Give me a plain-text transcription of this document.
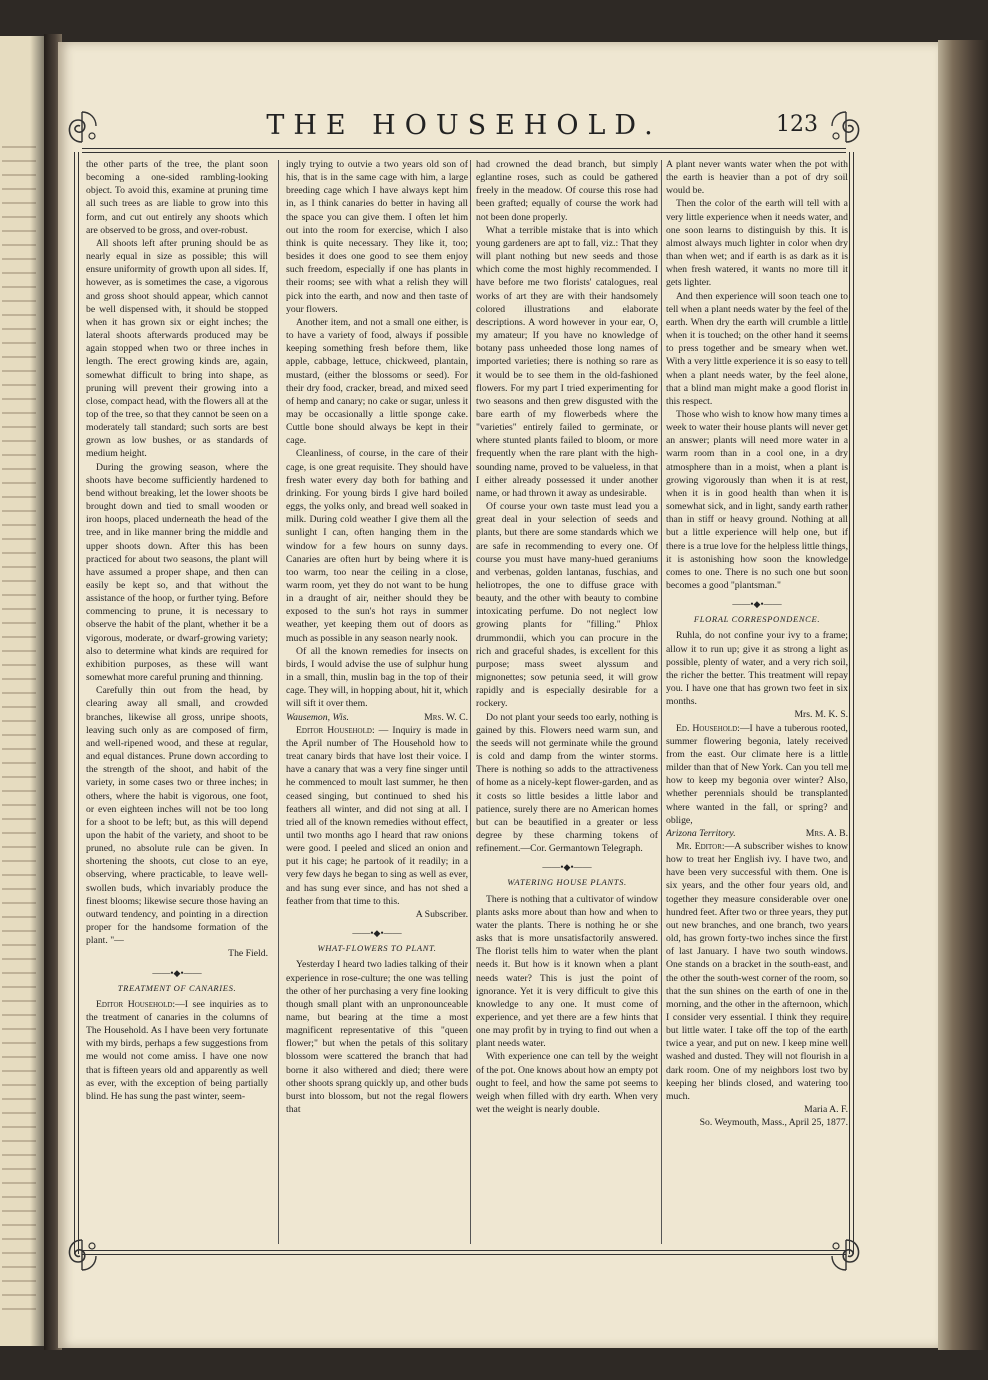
THE HOUSEHOLD.	123

the other parts of the tree, the plant soon becoming a one-sided rambling-looking object. To avoid this, examine at pruning time all such trees as are liable to grow into this form, and cut out entirely any shoots which are observed to be gross, and over-robust.

All shoots left after pruning should be as nearly equal in size as possible; this will ensure uniformity of growth upon all sides. If, however, as is sometimes the case, a vigorous and gross shoot should appear, which cannot be well dispensed with, it should be stopped when it has grown six or eight inches; the lateral shoots afterwards produced may be again stopped when two or three inches in length. The erect growing kinds are, again, somewhat difficult to bring into shape, as pruning will prevent their growing into a close, compact head, with the flowers all at the top of the tree, so that they cannot be seen on a moderately tall standard; such sorts are best grown as low bushes, or as standards of medium height.

During the growing season, where the shoots have become sufficiently hardened to bend without breaking, let the lower shoots be brought down and tied to small wooden or iron hoops, placed underneath the head of the tree, and in like manner bring the middle and upper shoots down. After this has been practiced for about two seasons, the plant will have assumed a proper shape, and then can easily be kept so, and that without the assistance of the hoop, or further tying. Before commencing to prune, it is necessary to observe the habit of the plant, whether it be a vigorous, moderate, or dwarf-growing variety; also to determine what kinds are required for exhibition purposes, as these will want somewhat more careful pruning and thinning.

Carefully thin out from the head, by clearing away all small, and crowded branches, likewise all gross, unripe shoots, leaving such only as are composed of firm, and well-ripened wood, and these at regular, and equal distances. Prune down according to the strength of the shoot, and habit of the variety, in some cases two or three inches; in others, where the habit is vigorous, one foot, or even eighteen inches will not be too long for a shoot to be left; but, as this will depend upon the habit of the variety, and shoot to be pruned, no absolute rule can be given. In shortening the shoots, cut close to an eye, observing, where practicable, to leave well-swollen buds, which invariably produce the finest blooms; likewise secure those having an outward tendency, and pointing in a direction proper for the handsome formation of the plant. "—

The Field.

——•◆•——

TREATMENT OF CANARIES.

Editor Household:—I see inquiries as to the treatment of canaries in the columns of The Household. As I have been very fortunate with my birds, perhaps a few suggestions from me would not come amiss. I have one now that is fifteen years old and apparently as well as ever, with the exception of being partially blind. He has sung the past winter, seem-

ingly trying to outvie a two years old son of his, that is in the same cage with him, a large breeding cage which I have always kept him in, as I think canaries do better in having all the space you can give them. I often let him out into the room for exercise, which I also think is quite necessary. They like it, too; besides it does one good to see them enjoy such freedom, especially if one has plants in their rooms; see with what a relish they will pick into the earth, and now and then taste of your flowers.

Another item, and not a small one either, is to have a variety of food, always if possible keeping something fresh before them, like apple, cabbage, lettuce, chickweed, plantain, mustard, (either the blossoms or seed). For their dry food, cracker, bread, and mixed seed of hemp and canary; no cake or sugar, unless it may be occasionally a little sponge cake. Cuttle bone should always be kept in their cage.

Cleanliness, of course, in the care of their cage, is one great requisite. They should have fresh water every day both for bathing and drinking. For young birds I give hard boiled eggs, the yolks only, and bread well soaked in milk. During cold weather I give them all the sunlight I can, often hanging them in the window for a few hours on sunny days. Canaries are often hurt by being where it is too warm, too near the ceiling in a close, warm room, yet they do not want to be hung in a draught of air, neither should they be exposed to the sun's hot rays in summer weather, yet keeping them out of doors as much as possible in any season nearly nook.

Of all the known remedies for insects on birds, I would advise the use of sulphur hung in a small, thin, muslin bag in the top of their cage. They will, in hopping about, hit it, which will sift it over them.

Wausemon, Wis.	Mrs. W. C.

Editor Household: — Inquiry is made in the April number of The Household how to treat canary birds that have lost their voice. I have a canary that was a very fine singer until he commenced to moult last summer, he then ceased singing, but continued to shed his feathers all winter, and did not sing at all. I tried all of the known remedies without effect, until two months ago I heard that raw onions were good. I peeled and sliced an onion and put it his cage; he partook of it readily; in a very few days he began to sing as well as ever, and has sung ever since, and has not shed a feather from that time to this.

A Subscriber.

——•◆•——

WHAT-FLOWERS TO PLANT.

Yesterday I heard two ladies talking of their experience in rose-culture; the one was telling the other of her purchasing a very fine looking though small plant with an unpronounceable name, but bearing at the time a most magnificent representative of this "queen flower;" but when the petals of this solitary blossom were scattered the branch that had borne it also withered and died; there were other shoots sprang quickly up, and other buds burst into blossom, but not the regal flowers that

had crowned the dead branch, but simply eglantine roses, such as could be gathered freely in the meadow. Of course this rose had been grafted; equally of course the work had not been done properly.

What a terrible mistake that is into which young gardeners are apt to fall, viz.: That they will plant nothing but new seeds and those which come the most highly recommended. I have before me two florists' catalogues, real works of art they are with their handsomely colored illustrations and elaborate descriptions. A word however in your ear, O, my amateur; If you have no knowledge of botany pass unheeded those long names of imported varieties; there is nothing so rare as it would be to see them in the old-fashioned flowers. For my part I tried experimenting for two seasons and then grew disgusted with the bare earth of my flowerbeds where the "varieties" entirely failed to germinate, or where stunted plants failed to bloom, or more frequently when the rare plant with the high-sounding name, proved to be valueless, in that I either already possessed it under another name, or had thrown it away as undesirable.

Of course your own taste must lead you a great deal in your selection of seeds and plants, but there are some standards which we are safe in recommending to every one. Of course you must have many-hued geraniums and verbenas, golden lantanas, fuschias, and heliotropes, the one to diffuse grace with beauty, and the other with beauty to combine intoxicating perfume. Do not neglect low growing plants for "filling." Phlox drummondii, which you can procure in the rich and graceful shades, is excellent for this purpose; mass sweet alyssum and mignonettes; sow petunia seed, it will grow rapidly and is especially desirable for a rockery.

Do not plant your seeds too early, nothing is gained by this. Flowers need warm sun, and the seeds will not germinate while the ground is cold and damp from the winter storms. There is nothing so adds to the attractiveness of home as a nicely-kept flower-garden, and as it costs so little besides a little labor and patience, surely there are no American homes but can be beautified in a greater or less degree by these charming tokens of refinement.—Cor. Germantown Telegraph.

——•◆•——

WATERING HOUSE PLANTS.

There is nothing that a cultivator of window plants asks more about than how and when to water the plants. There is nothing he or she asks that is more unsatisfactorily answered. The florist tells him to water when the plant needs it. But how is it known when a plant needs water? This is just the point of ignorance. Yet it is very difficult to give this knowledge to any one. It must come of experience, and yet there are a few hints that one may profit by in trying to find out when a plant needs water.

With experience one can tell by the weight of the pot. One knows about how an empty pot ought to feel, and how the same pot seems to weigh when filled with dry earth. When very wet the weight is nearly double.

A plant never wants water when the pot with the earth is heavier than a pot of dry soil would be.

Then the color of the earth will tell with a very little experience when it needs water, and one soon learns to distinguish by this. It is almost always much lighter in color when dry than when wet; and if earth is as dark as it is when fresh watered, it wants no more till it gets lighter.

And then experience will soon teach one to tell when a plant needs water by the feel of the earth. When dry the earth will crumble a little when it is touched; on the other hand it seems to press together and be smeary when wet. With a very little experience it is so easy to tell when a plant needs water, by the feel alone, that a blind man might make a good florist in this respect.

Those who wish to know how many times a week to water their house plants will never get an answer; plants will need more water in a warm room than in a cool one, in a dry atmosphere than in a moist, when a plant is growing vigorously than when it is at rest, when it is in good health than when it is somewhat sick, and in light, sandy earth rather than in stiff or heavy ground. Nothing at all but a little experience will help one, but if there is a true love for the helpless little things, it is astonishing how soon the knowledge comes to one. There is no such one but soon becomes a good "plantsman."

——•◆•——

FLORAL CORRESPONDENCE.

Ruhla, do not confine your ivy to a frame; allow it to run up; give it as strong a light as possible, plenty of water, and a very rich soil, the richer the better. This treatment will repay you. I have one that has grown two feet in six months.

Mrs. M. K. S.

Ed. Household:—I have a tuberous rooted, summer flowering begonia, lately received from the east. Our climate here is a little milder than that of New York. Can you tell me how to keep my begonia over winter? Also, whether perennials should be transplanted where wanted in the fall, or spring? and oblige,

Arizona Territory.	Mrs. A. B.

Mr. Editor:—A subscriber wishes to know how to treat her English ivy. I have two, and have been very successful with them. One is six years, and the other four years old, and together they measure considerable over one hundred feet. After two or three years, they put out new branches, and one branch, two years old, has grown forty-two inches since the first of last January. I have two south windows. One stands on a bracket in the south-east, and the other the south-west corner of the room, so that the sun shines on the earth of one in the morning, and the other in the afternoon, which I consider very essential. I think they require but little water. I take off the top of the earth twice a year, and put on new. I keep mine well washed and dusted. They will not flourish in a dark room. One of my neighbors lost two by keeping her blinds closed, and watering too much.

Maria A. F.

So. Weymouth, Mass., April 25, 1877.
